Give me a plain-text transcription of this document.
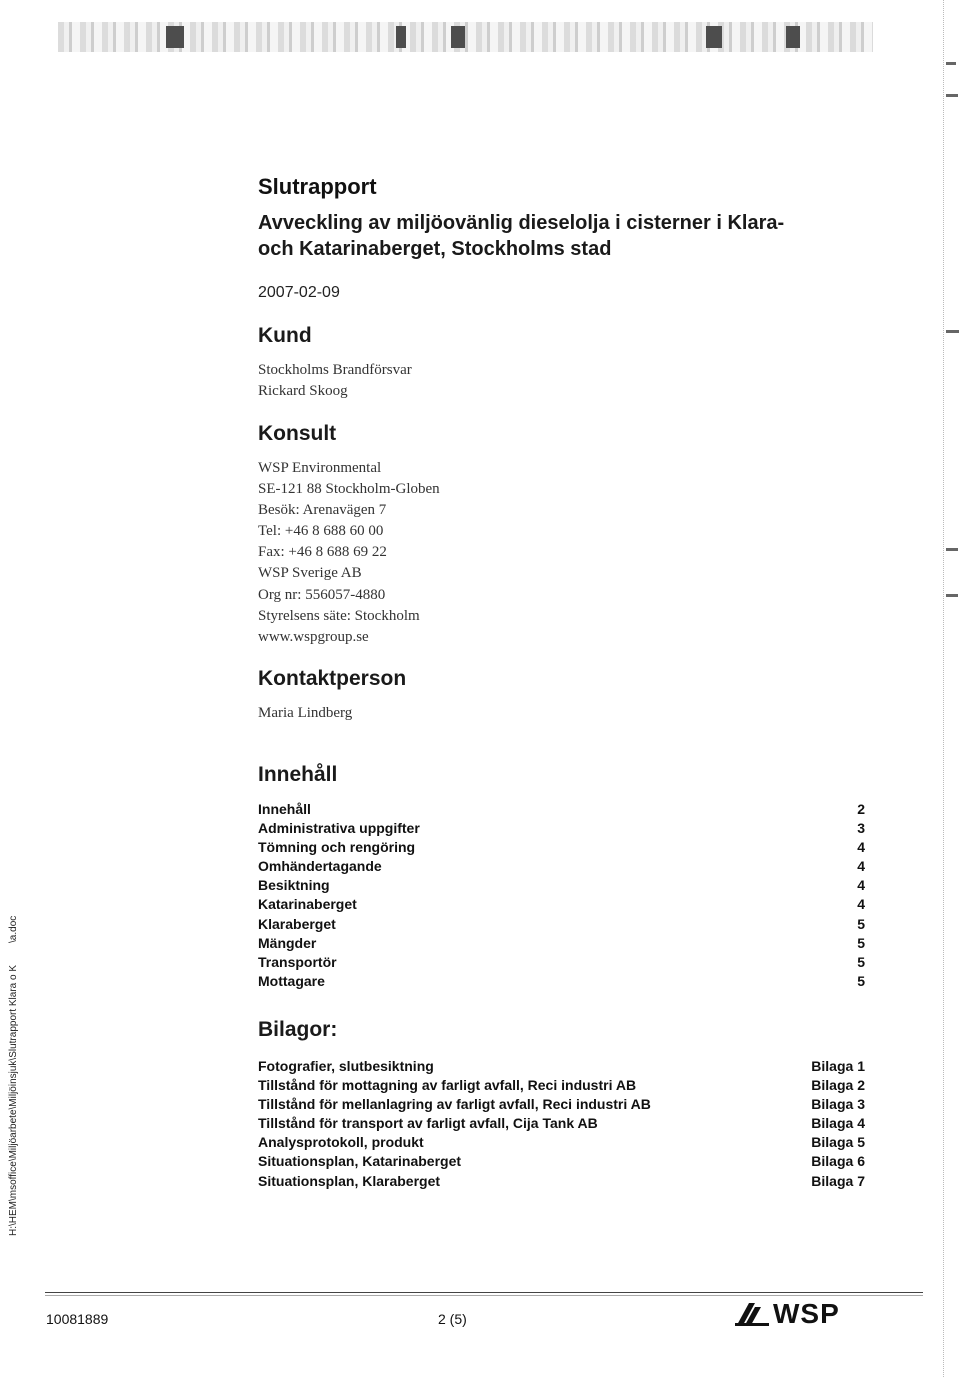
Slutrapport
Avveckling av miljöovänlig dieselolja i cisterner i Klara- och Katarinaberget, Stockholms stad
2007-02-09
Kund
Stockholms Brandförsvar
Rickard Skoog
Konsult
WSP Environmental
SE-121 88 Stockholm-Globen
Besök: Arenavägen 7
Tel: +46 8 688 60 00
Fax: +46 8 688 69 22
WSP Sverige AB
Org nr: 556057-4880
Styrelsens säte: Stockholm
www.wspgroup.se
Kontaktperson
Maria Lindberg
Innehåll
Innehåll	2
Administrativa uppgifter	3
Tömning och rengöring	4
Omhändertagande	4
Besiktning	4
Katarinaberget	4
Klaraberget	5
Mängder	5
Transportör	5
Mottagare	5
Bilagor:
Fotografier, slutbesiktning	Bilaga 1
Tillstånd för mottagning av farligt avfall, Reci industri AB	Bilaga 2
Tillstånd för mellanlagring av farligt avfall, Reci industri AB	Bilaga 3
Tillstånd för transport av farligt avfall, Cija Tank AB	Bilaga 4
Analysprotokoll, produkt	Bilaga 5
Situationsplan, Katarinaberget	Bilaga 6
Situationsplan, Klaraberget	Bilaga 7
H:\HEM\msoffice\Miljöarbete\Miljöinsjuk\Slutrapport Klara o K\a.doc
10081889	2 (5)	WSP
